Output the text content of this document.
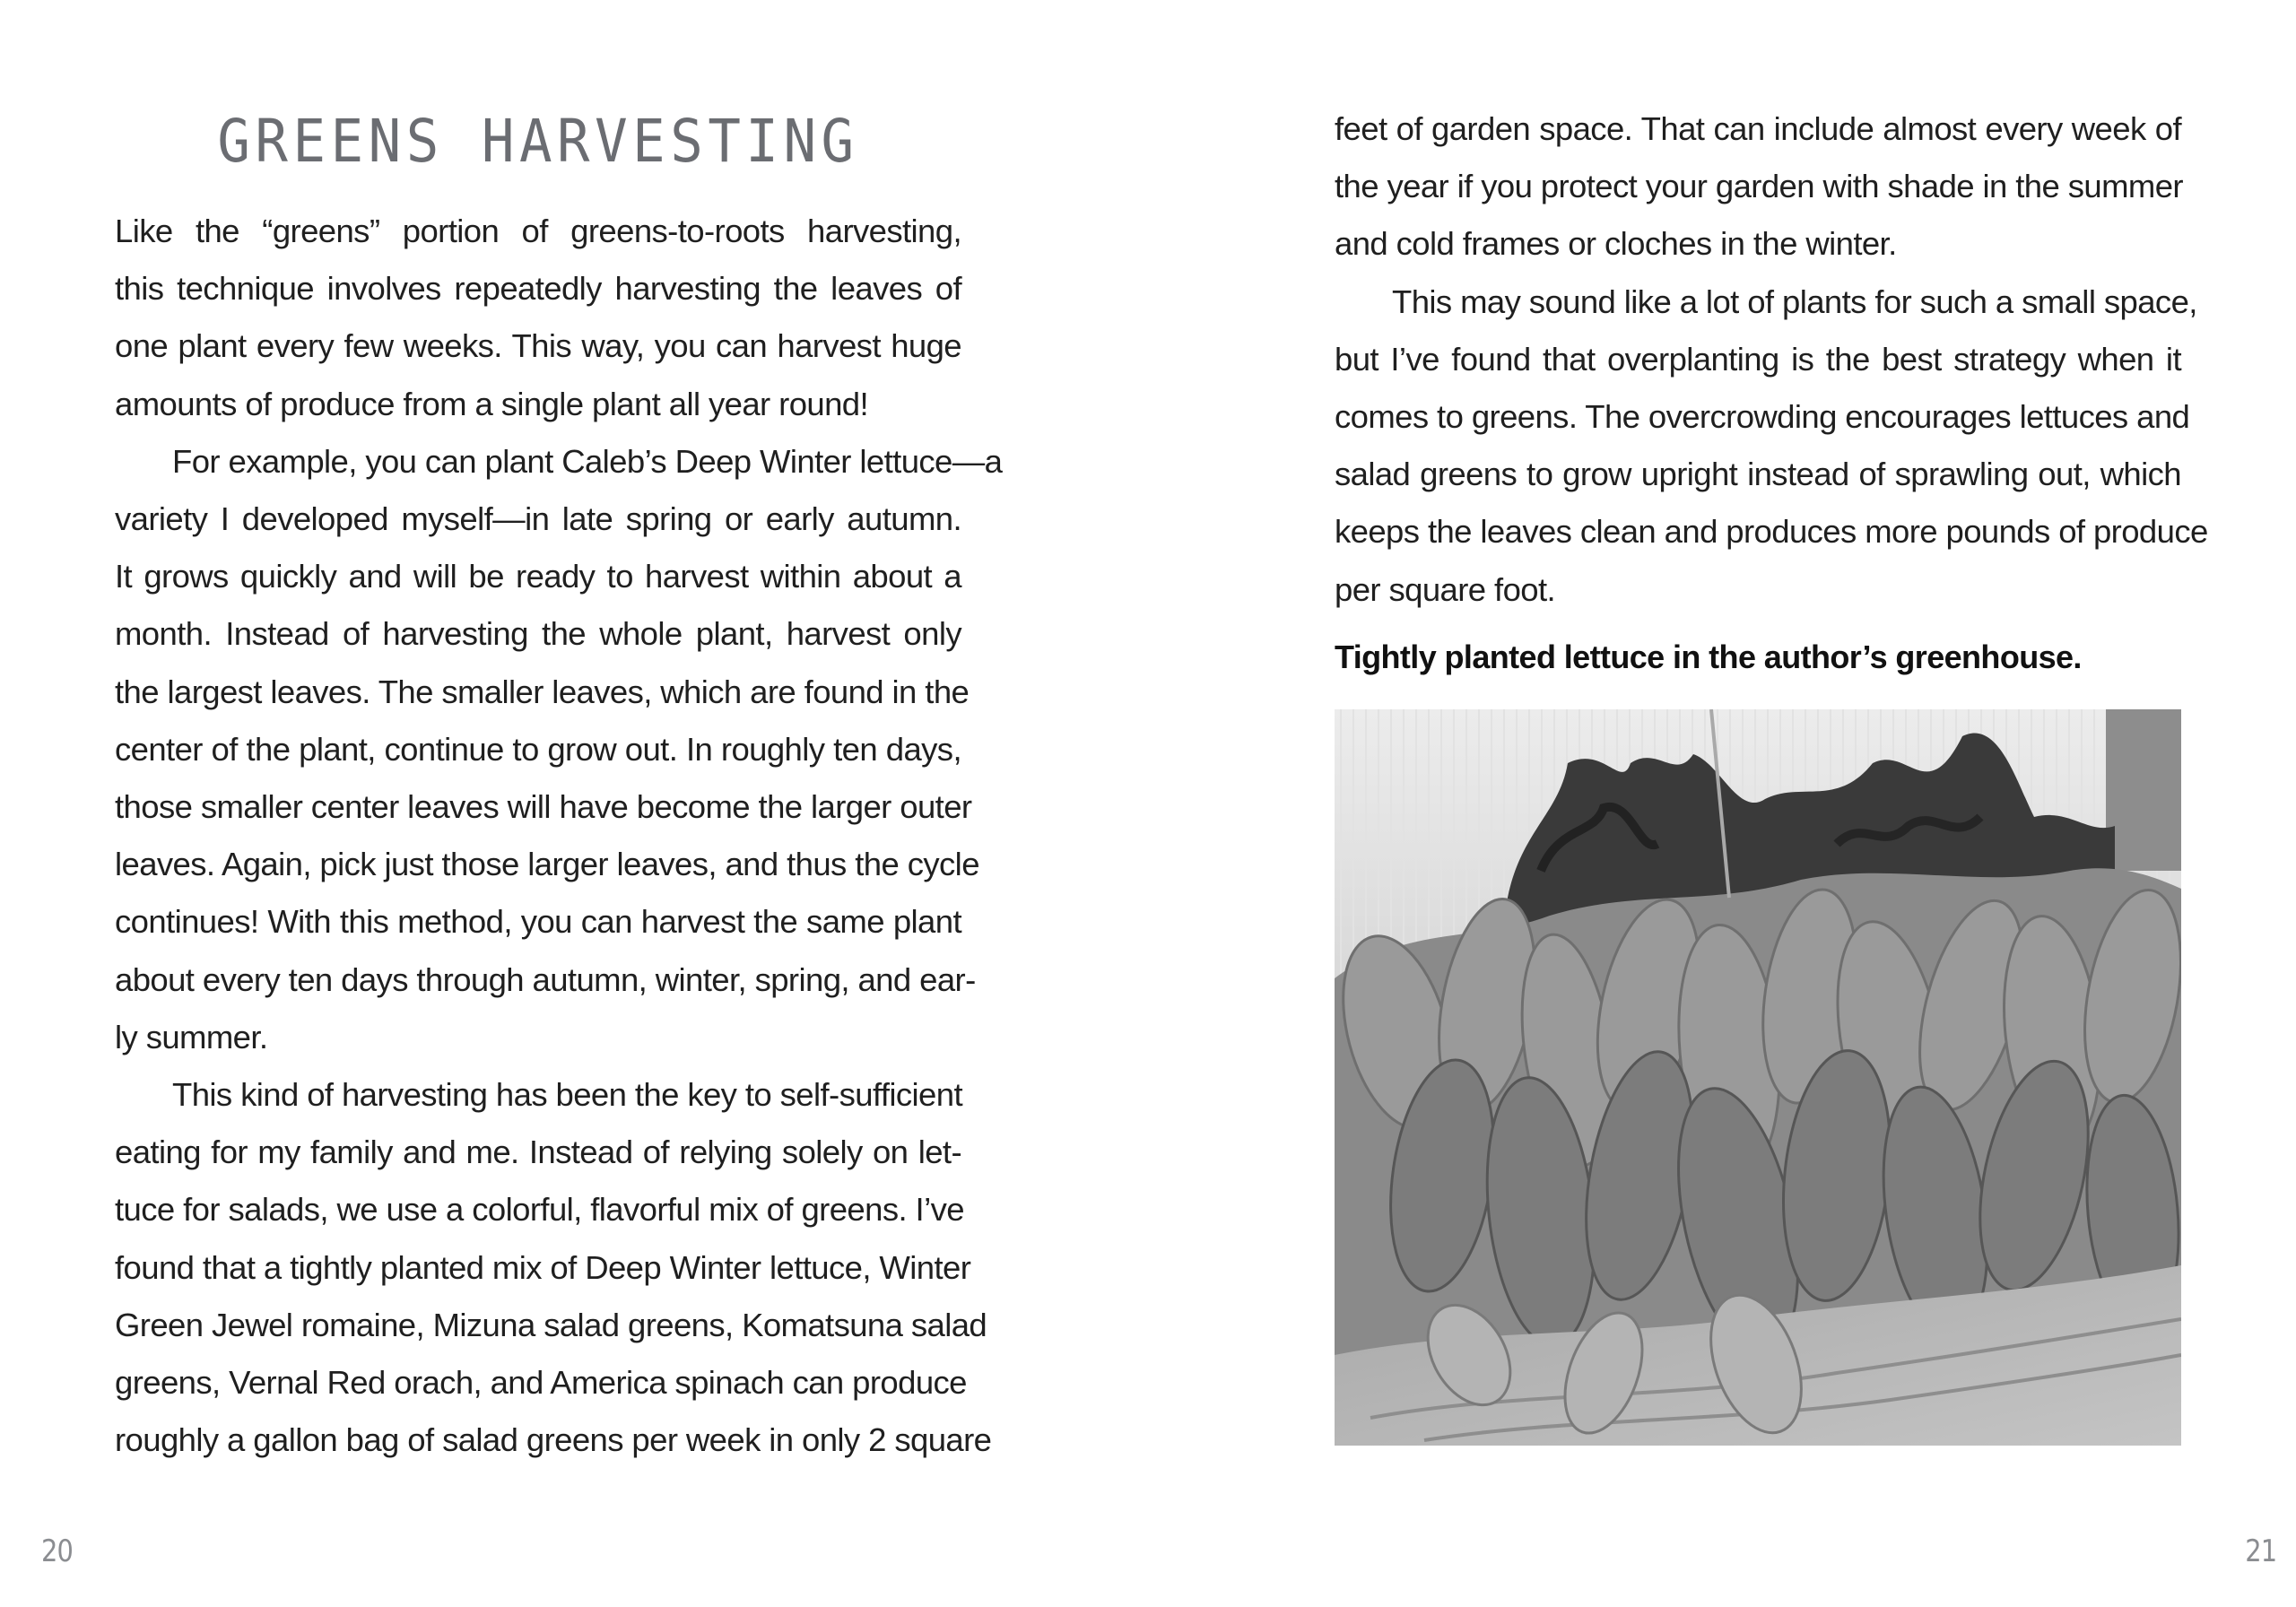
GREENS HARVESTING
Like the “greens” portion of greens-to-roots harvesting,
this technique involves repeatedly harvesting the leaves of
one plant every few weeks. This way, you can harvest huge
amounts of produce from a single plant all year round!
For example, you can plant Caleb’s Deep Winter lettuce—a
variety I developed myself—in late spring or early autumn.
It grows quickly and will be ready to harvest within about a
month. Instead of harvesting the whole plant, harvest only
the largest leaves. The smaller leaves, which are found in the
center of the plant, continue to grow out. In roughly ten days,
those smaller center leaves will have become the larger outer
leaves. Again, pick just those larger leaves, and thus the cycle
continues! With this method, you can harvest the same plant
about every ten days through autumn, winter, spring, and ear-
ly summer.
This kind of harvesting has been the key to self-sufficient
eating for my family and me. Instead of relying solely on let-
tuce for salads, we use a colorful, flavorful mix of greens. I’ve
found that a tightly planted mix of Deep Winter lettuce, Winter
Green Jewel romaine, Mizuna salad greens, Komatsuna salad
greens, Vernal Red orach, and America spinach can produce
roughly a gallon bag of salad greens per week in only 2 square
20
feet of garden space. That can include almost every week of
the year if you protect your garden with shade in the summer
and cold frames or cloches in the winter.
This may sound like a lot of plants for such a small space,
but I’ve found that overplanting is the best strategy when it
comes to greens. The overcrowding encourages lettuces and
salad greens to grow upright instead of sprawling out, which
keeps the leaves clean and produces more pounds of produce
per square foot.
Tightly planted lettuce in the author’s greenhouse.
21
